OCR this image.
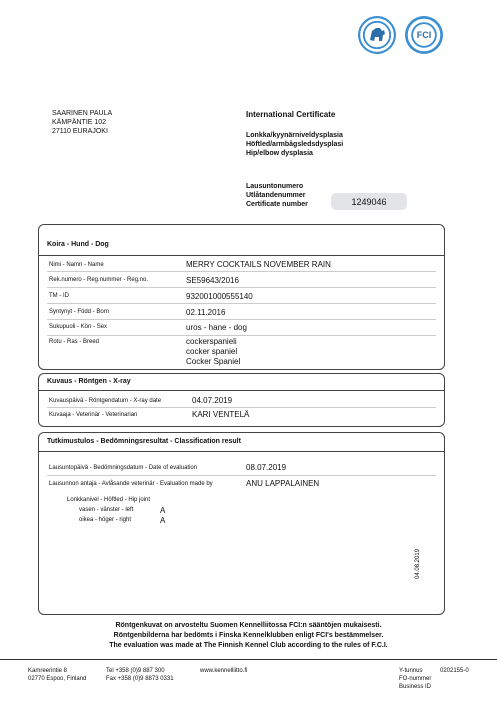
FCI
SAARINEN PAULA
KÄMPÄNTIE 102
27110 EURAJOKI
International Certificate
Lonkka/kyynärniveldysplasia
Höftled/armbågsledsdysplasi
Hip/elbow dysplasia
Lausuntonumero
Utlåtandenummer
Certificate number	1249046
Koira - Hund - Dog
Nimi - Namn - Name	MERRY COCKTAILS NOVEMBER RAIN
Rek.numero - Reg.nummer - Reg.no.	SE59643/2016
TM - ID	932001000555140
Syntynyt - Född - Born	02.11.2016
Sukupuoli - Kön - Sex	uros - hane - dog
Rotu - Ras - Breed	cockerspanieli
cocker spaniel
Cocker Spaniel
Kuvaus - Röntgen - X-ray
Kuvauspäivä - Röntgendatum - X-ray date	04.07.2019
Kuvaaja - Veterinär - Veterinarian	KARI VENTELÄ
Tutkimustulos - Bedömningsresultat - Classification result
Lausuntopäivä - Bedömningsdatum - Date of evaluation	08.07.2019
Lausunnon antaja - Avlåsande veterinär - Evaluation made by	ANU LAPPALAINEN
Lonkkanivel - Höftled - Hip joint
vasen - vänster - left	A
oikea - höger - right	A
04.08.2019
Röntgenkuvat on arvosteltu Suomen Kennelliitossa FCI:n sääntöjen mukaisesti.
Röntgenbilderna har bedömts i Finska Kennelklubben enligt FCI's bestämmelser.
The evaluation was made at The Finnish Kennel Club according to the rules of F.C.I.
Kamreerintie 8
02770 Espoo, Finland
Tel +358 (0)9 887 300
Fax +358 (0)9 8873 0331
www.kennelliitto.fi	Y-tunnus
FO-nummer
Business ID
0202155-0
